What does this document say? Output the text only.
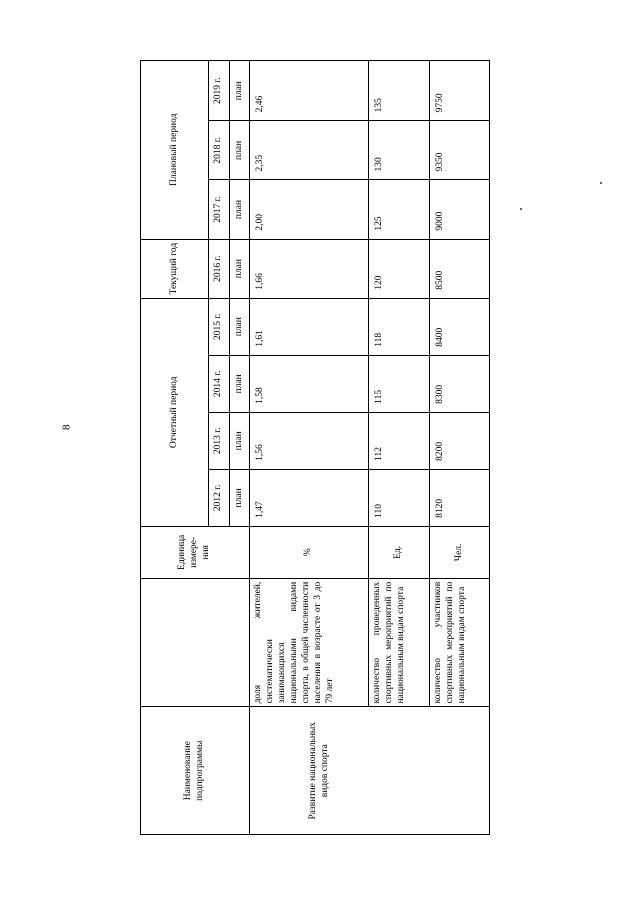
8
Наименование подпрограммы		Единица измере-ния	Отчетный период				Текущий год	Плановый период		
			2012 г.	2013 г.	2014 г.	2015 г.	2016 г.	2017 г.	2018 г.	2019 г.
			план	план	план	план	план	план	план	план
Развитие национальных видов спорта	доля жителей, систематически занимающихся национальными видами спорта, в общей численности населения в возрасте от 3 до 79 лет	%	1,47	1,56	1,58	1,61	1,66	2,00	2,35	2,46
	количество проведенных спортивных мероприятий по национальным видам спорта	Ед.	110	112	115	118	120	125	130	135
	количество участников спортивных мероприятий по национальным видам спорта	Чел.	8120	8200	8300	8400	8500	9000	9350	9750
